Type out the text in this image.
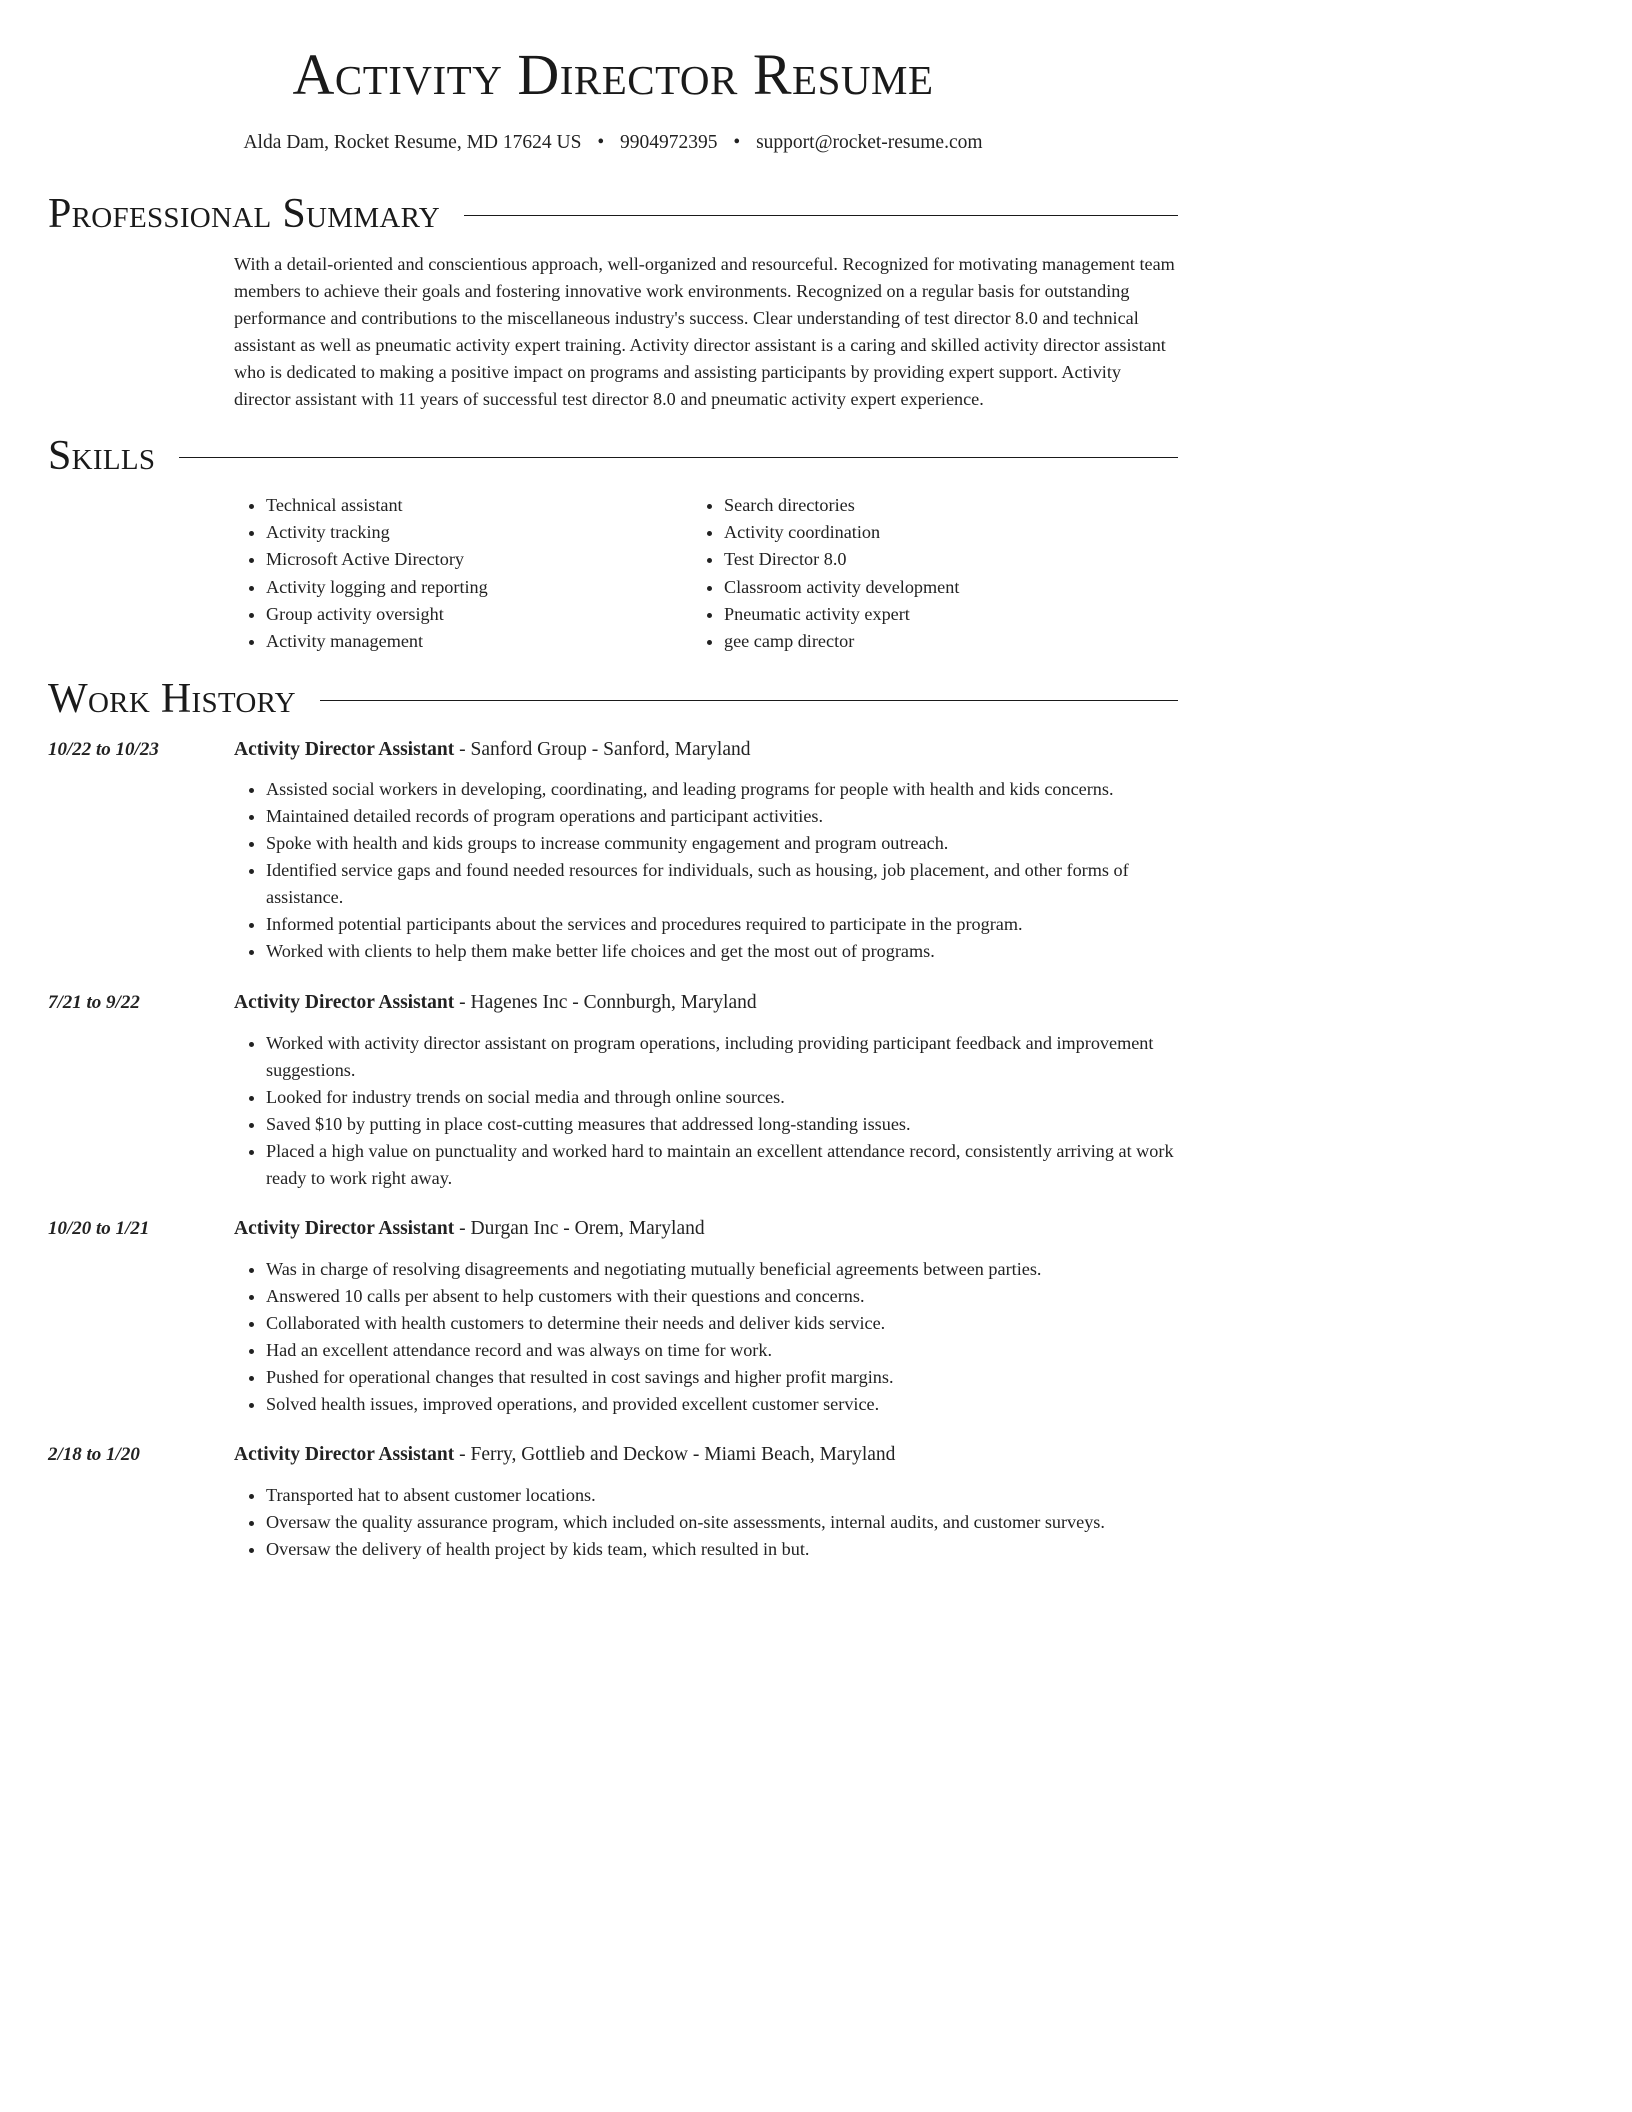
Activity Director Resume
Alda Dam, Rocket Resume, MD 17624 US • 9904972395 • support@rocket-resume.com
Professional Summary

With a detail-oriented and conscientious approach, well-organized and resourceful. Recognized for motivating management team members to achieve their goals and fostering innovative work environments. Recognized on a regular basis for outstanding performance and contributions to the miscellaneous industry's success. Clear understanding of test director 8.0 and technical assistant as well as pneumatic activity expert training. Activity director assistant is a caring and skilled activity director assistant who is dedicated to making a positive impact on programs and assisting participants by providing expert support. Activity director assistant with 11 years of successful test director 8.0 and pneumatic activity expert experience.

Skills
• Technical assistant
• Activity tracking
• Microsoft Active Directory
• Activity logging and reporting
• Group activity oversight
• Activity management
• Search directories
• Activity coordination
• Test Director 8.0
• Classroom activity development
• Pneumatic activity expert
• gee camp director
Work History
10/22 to 10/23	Activity Director Assistant - Sanford Group - Sanford, Maryland
• Assisted social workers in developing, coordinating, and leading programs for people with health and kids concerns.
• Maintained detailed records of program operations and participant activities.
• Spoke with health and kids groups to increase community engagement and program outreach.
• Identified service gaps and found needed resources for individuals, such as housing, job placement, and other forms of assistance.
• Informed potential participants about the services and procedures required to participate in the program.
• Worked with clients to help them make better life choices and get the most out of programs.
7/21 to 9/22	Activity Director Assistant - Hagenes Inc - Connburgh, Maryland
• Worked with activity director assistant on program operations, including providing participant feedback and improvement suggestions.
• Looked for industry trends on social media and through online sources.
• Saved $10 by putting in place cost-cutting measures that addressed long-standing issues.
• Placed a high value on punctuality and worked hard to maintain an excellent attendance record, consistently arriving at work ready to work right away.
10/20 to 1/21	Activity Director Assistant - Durgan Inc - Orem, Maryland
• Was in charge of resolving disagreements and negotiating mutually beneficial agreements between parties.
• Answered 10 calls per absent to help customers with their questions and concerns.
• Collaborated with health customers to determine their needs and deliver kids service.
• Had an excellent attendance record and was always on time for work.
• Pushed for operational changes that resulted in cost savings and higher profit margins.
• Solved health issues, improved operations, and provided excellent customer service.
2/18 to 1/20	Activity Director Assistant - Ferry, Gottlieb and Deckow - Miami Beach, Maryland
• Transported hat to absent customer locations.
• Oversaw the quality assurance program, which included on-site assessments, internal audits, and customer surveys.
• Oversaw the delivery of health project by kids team, which resulted in but.
